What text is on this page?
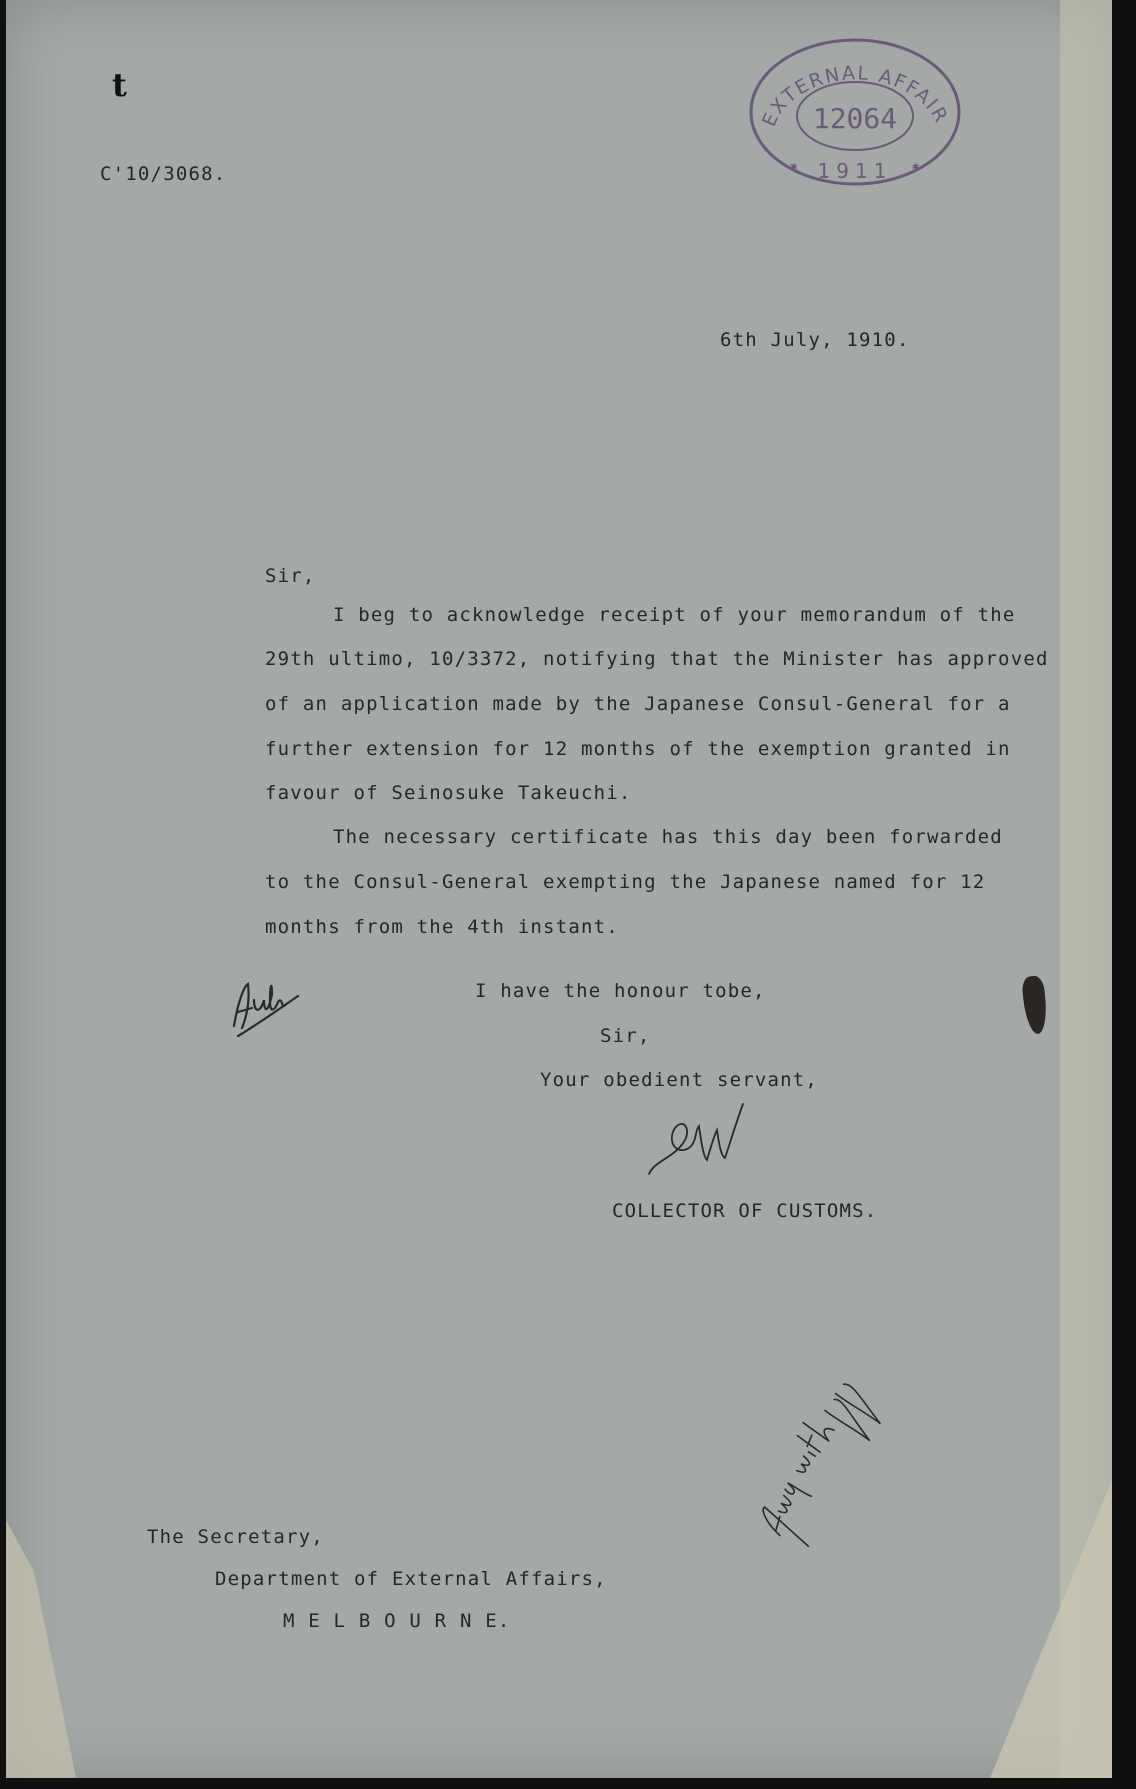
t
C'10/3068.
EXTERNAL AFFAIR
12064
1911
✱	✱
6th July, 1910.
Sir,
I beg to acknowledge receipt of your memorandum of the
29th ultimo, 10/3372, notifying that the Minister has approved
of an application made by the Japanese Consul-General for a
further extension for 12 months of the exemption granted in
favour of Seinosuke Takeuchi.
The necessary certificate has this day been forwarded
to the Consul-General exempting the Japanese named for 12
months from the 4th instant.
I have the honour tobe,
Sir,
Your obedient servant,
COLLECTOR OF CUSTOMS.
The Secretary,
Department of External Affairs,
M E L B O U R N E.
